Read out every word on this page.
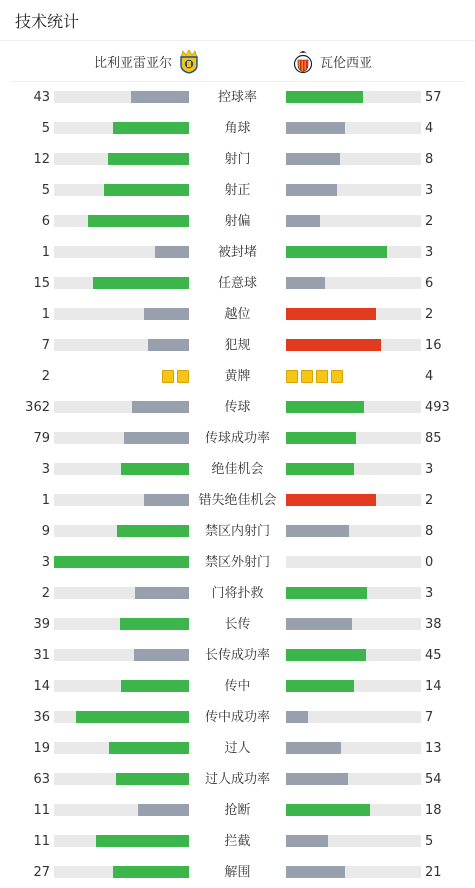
技术统计
比利亚雷亚尔	瓦伦西亚
43	控球率	57
5	角球	4
12	射门	8
5	射正	3
6	射偏	2
1	被封堵	3
15	任意球	6
1	越位	2
7	犯规	16
2	黄牌	4
362	传球	493
79	传球成功率	85
3	绝佳机会	3
1	错失绝佳机会	2
9	禁区内射门	8
3	禁区外射门	0
2	门将扑救	3
39	长传	38
31	长传成功率	45
14	传中	14
36	传中成功率	7
19	过人	13
63	过人成功率	54
11	抢断	18
11	拦截	5
27	解围	21
